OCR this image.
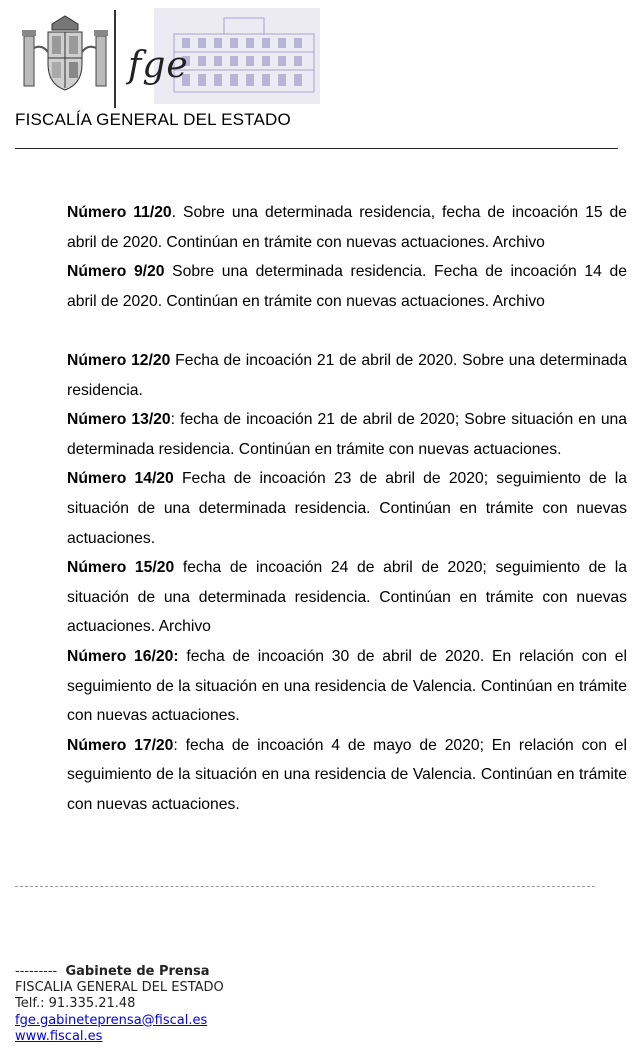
fge
FISCALÍA GENERAL DEL ESTADO

Número 11/20. Sobre una determinada residencia, fecha de incoación 15 de abril de 2020. Continúan en trámite con nuevas actuaciones. Archivo

Número 9/20 Sobre una determinada residencia. Fecha de incoación 14 de abril de 2020. Continúan en trámite con nuevas actuaciones. Archivo

Número 12/20 Fecha de incoación 21 de abril de 2020. Sobre una determinada residencia.

Número 13/20: fecha de incoación 21 de abril de 2020; Sobre situación en una determinada residencia. Continúan en trámite con nuevas actuaciones.

Número 14/20 Fecha de incoación 23 de abril de 2020; seguimiento de la situación de una determinada residencia. Continúan en trámite con nuevas actuaciones.

Número 15/20 fecha de incoación 24 de abril de 2020; seguimiento de la situación de una determinada residencia. Continúan en trámite con nuevas actuaciones. Archivo

Número 16/20: fecha de incoación 30 de abril de 2020. En relación con el seguimiento de la situación en una residencia de Valencia. Continúan en trámite con nuevas actuaciones.

Número 17/20: fecha de incoación 4 de mayo de 2020; En relación con el seguimiento de la situación en una residencia de Valencia. Continúan en trámite con nuevas actuaciones.

--------- Gabinete de Prensa
FISCALIA GENERAL DEL ESTADO
Telf.: 91.335.21.48
fge.gabineteprensa@fiscal.es
www.fiscal.es
